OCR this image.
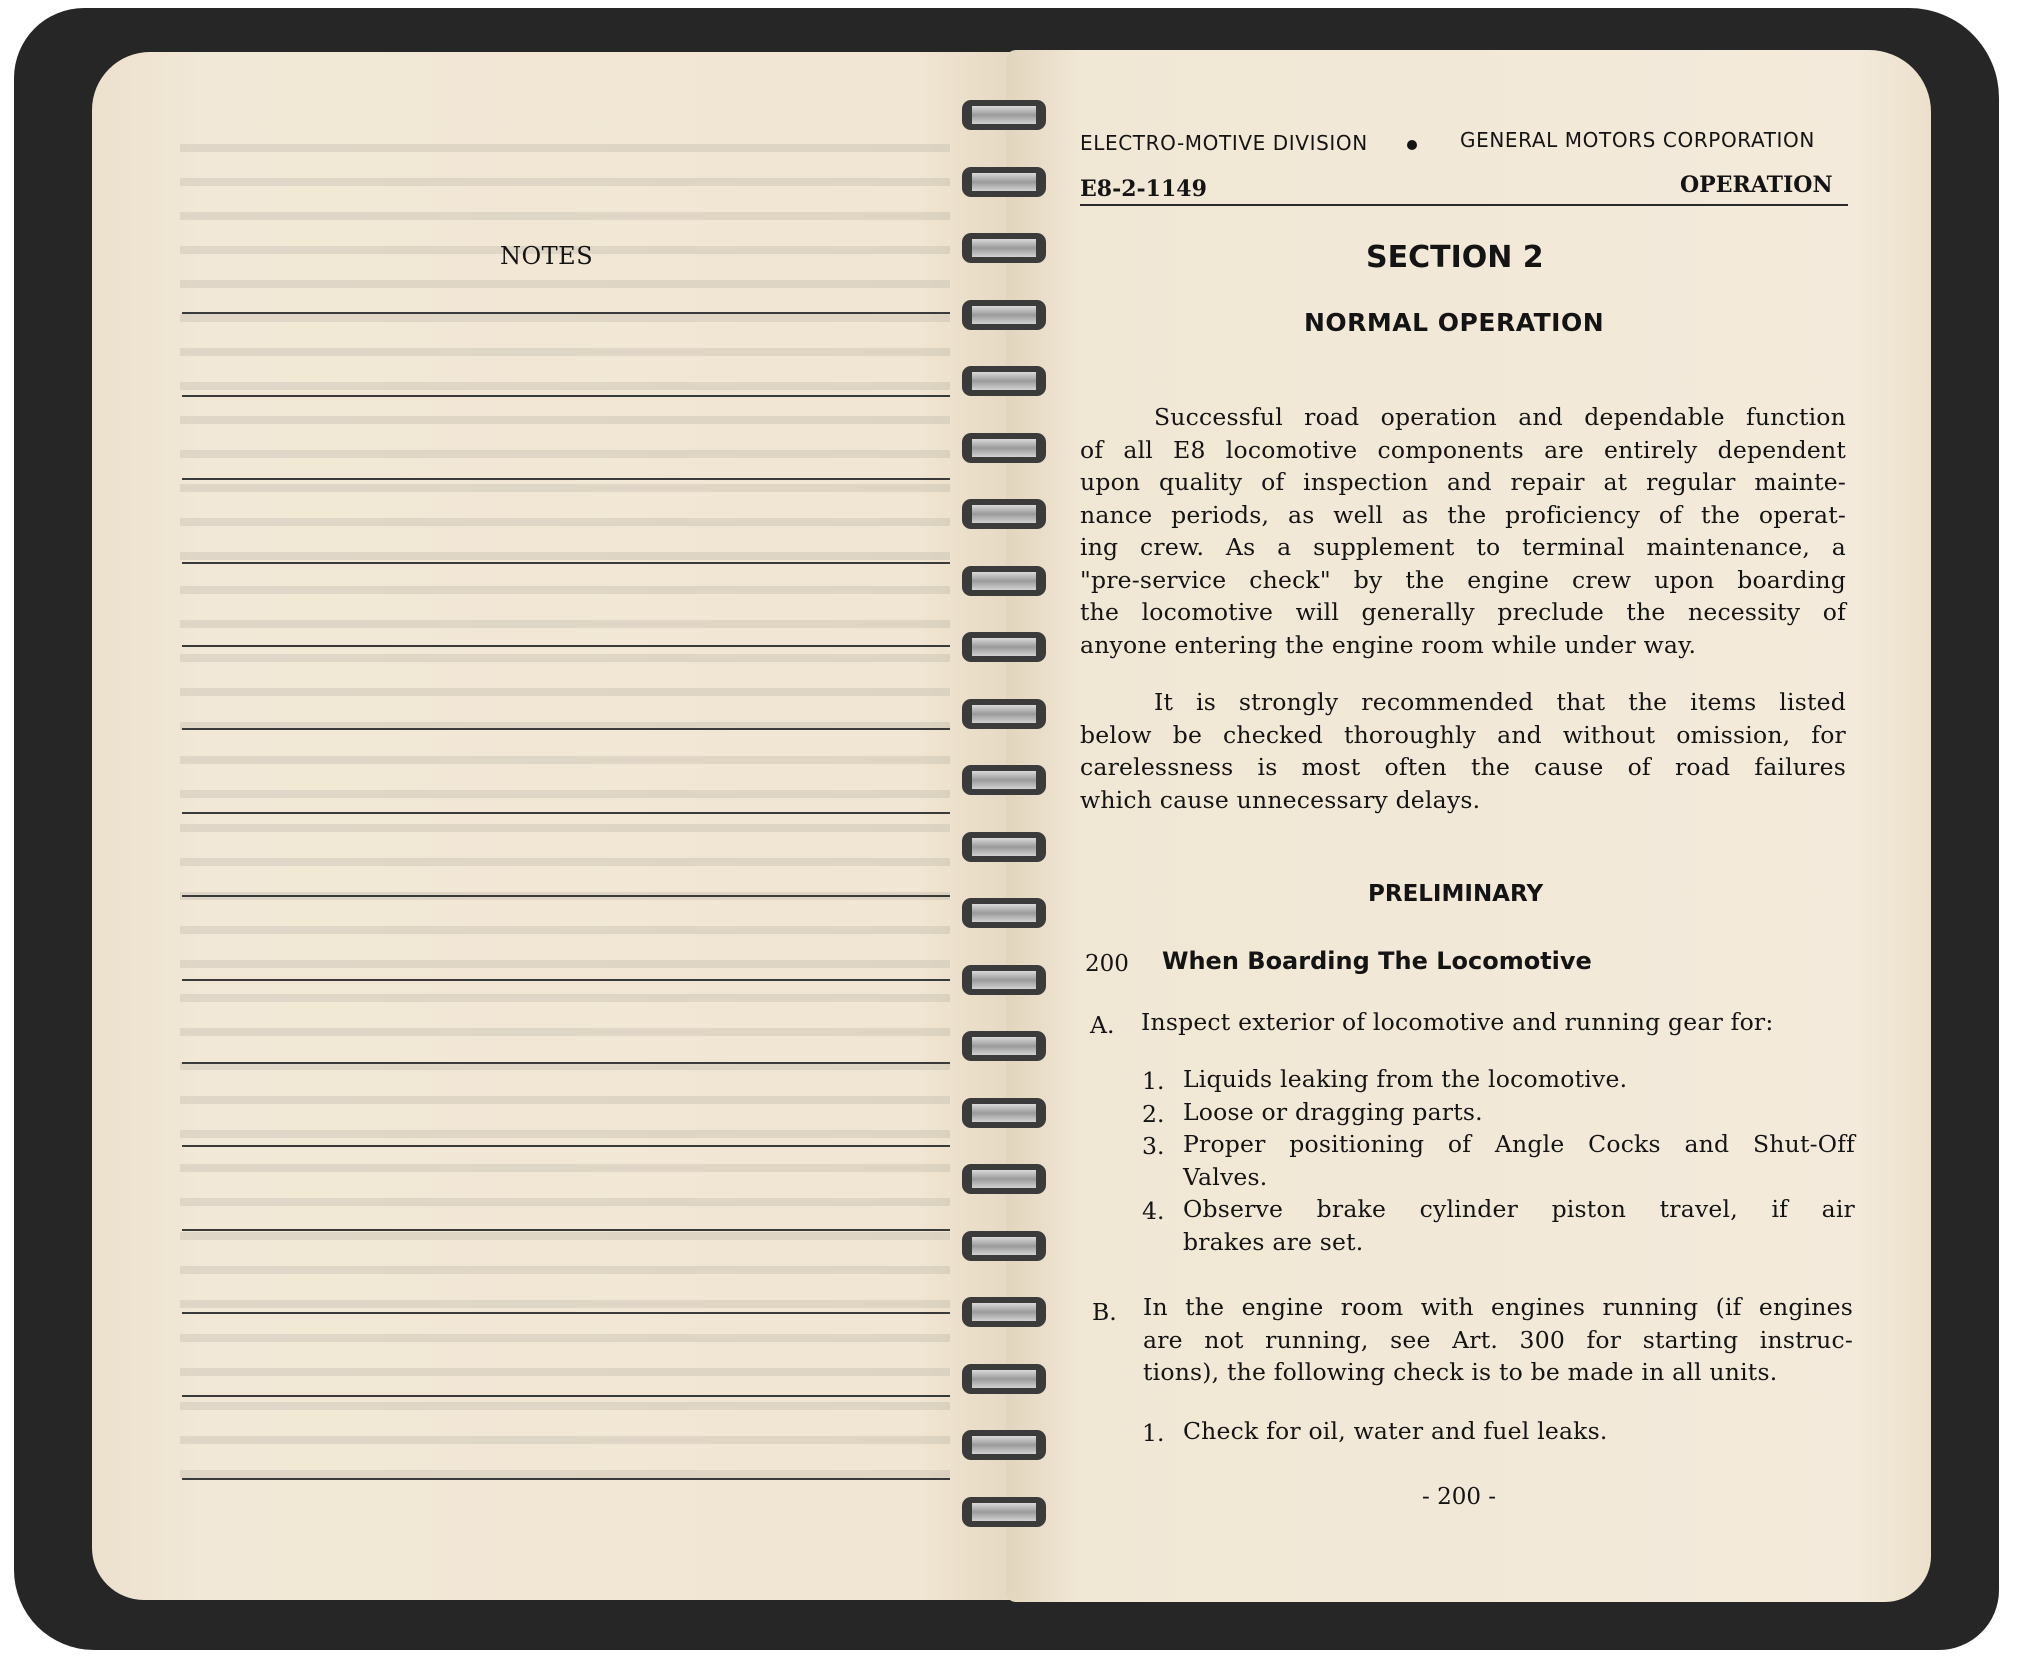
NOTES
ELECTRO-MOTIVE DIVISION	GENERAL MOTORS CORPORATION
E8-2-1149	OPERATION
SECTION 2
NORMAL OPERATION
Successful road operation and dependable function
of all E8 locomotive components are entirely dependent
upon quality of inspection and repair at regular mainte-
nance periods, as well as the proficiency of the operat-
ing crew. As a supplement to terminal maintenance, a
"pre-service check" by the engine crew upon boarding
the locomotive will generally preclude the necessity of
anyone entering the engine room while under way.
It is strongly recommended that the items listed
below be checked thoroughly and without omission, for
carelessness is most often the cause of road failures
which cause unnecessary delays.
PRELIMINARY
200 When Boarding The Locomotive
A. Inspect exterior of locomotive and running gear for:
1. Liquids leaking from the locomotive.
2. Loose or dragging parts.
3. Proper positioning of Angle Cocks and Shut-Off
Valves.
4. Observe brake cylinder piston travel, if air
brakes are set.
B. In the engine room with engines running (if engines
are not running, see Art. 300 for starting instruc-
tions), the following check is to be made in all units.
1. Check for oil, water and fuel leaks.
- 200 -
